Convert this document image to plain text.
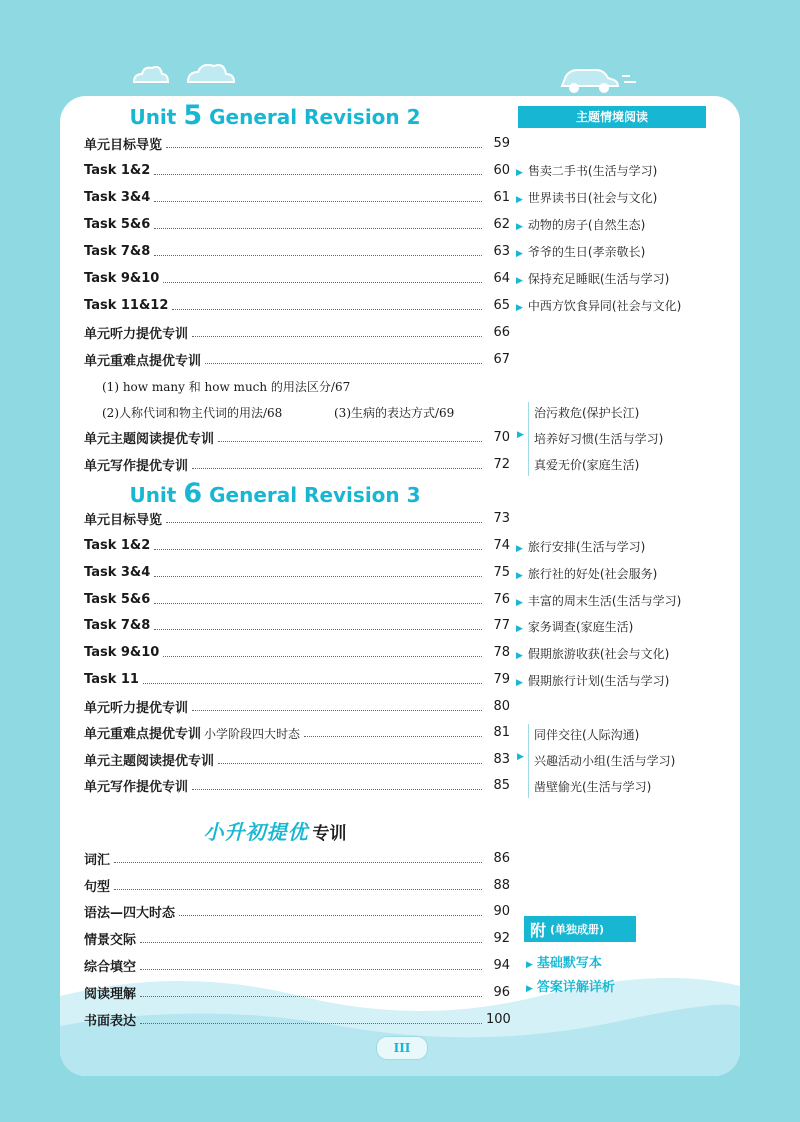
Unit 5 General Revision 2
单元目标导览	59
Task 1&2	60
Task 3&4	61
Task 5&6	62
Task 7&8	63
Task 9&10	64
Task 11&12	65
单元听力提优专训	66
单元重难点提优专训	67
(1) how many 和 how much 的用法区分/67
(2)人称代词和物主代词的用法/68	(3)生病的表达方式/69
单元主题阅读提优专训	70
单元写作提优专训	72
Unit 6 General Revision 3
单元目标导览	73
Task 1&2	74
Task 3&4	75
Task 5&6	76
Task 7&8	77
Task 9&10	78
Task 11	79
单元听力提优专训	80
单元重难点提优专训 小学阶段四大时态	81
单元主题阅读提优专训	83
单元写作提优专训	85
小升初提优 专训
词汇	86
句型	88
语法—四大时态	90
情景交际	92
综合填空	94
阅读理解	96
书面表达	100
主题情境阅读
▶ 售卖二手书(生活与学习)
▶ 世界读书日(社会与文化)
▶ 动物的房子(自然生态)
▶ 爷爷的生日(孝亲敬长)
▶ 保持充足睡眠(生活与学习)
▶ 中西方饮食异同(社会与文化)
▶
治污救危(保护长江)
培养好习惯(生活与学习)
真爱无价(家庭生活)
▶ 旅行安排(生活与学习)
▶ 旅行社的好处(社会服务)
▶ 丰富的周末生活(生活与学习)
▶ 家务调查(家庭生活)
▶ 假期旅游收获(社会与文化)
▶ 假期旅行计划(生活与学习)
▶
同伴交往(人际沟通)
兴趣活动小组(生活与学习)
凿壁偷光(生活与学习)
附 (单独成册)
▶ 基础默写本
▶ 答案详解详析
III
